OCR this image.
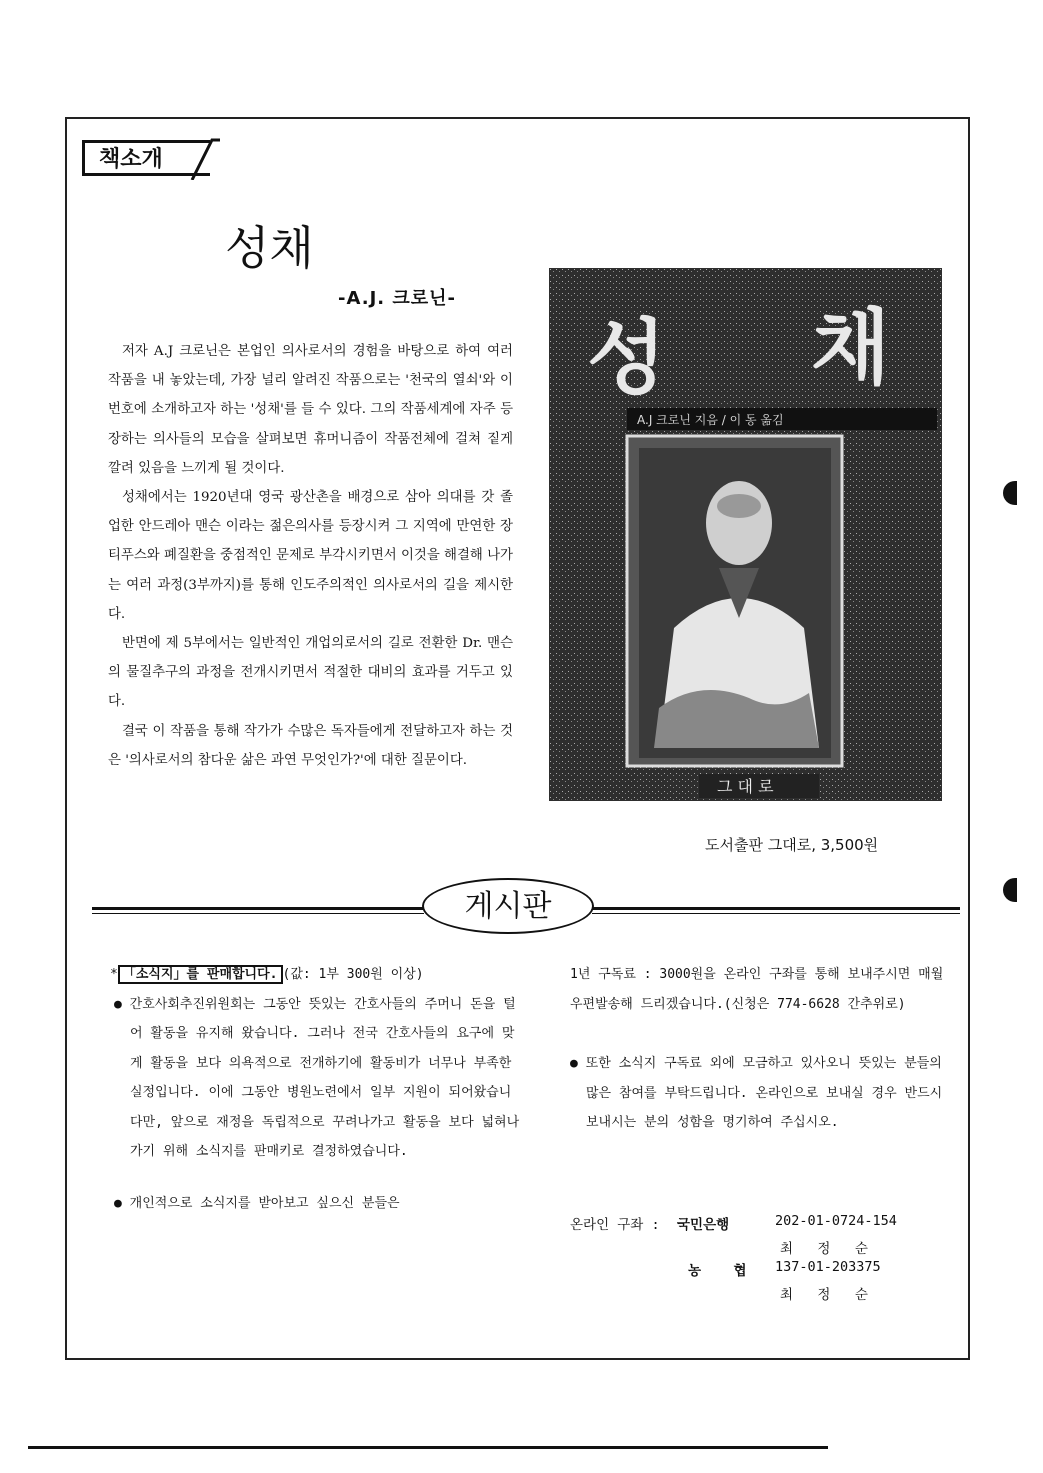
책소개
성채
-A.J. 크로닌-

저자 A.J 크로닌은 본업인 의사로서의 경험을 바탕으로 하여 여러 작품을 내 놓았는데, 가장 널리 알려진 작품으로는 '천국의 열쇠'와 이번호에 소개하고자 하는 '성채'를 들 수 있다. 그의 작품세계에 자주 등장하는 의사들의 모습을 살펴보면 휴머니즘이 작품전체에 걸쳐 짙게 깔려 있음을 느끼게 될 것이다.

성채에서는 1920년대 영국 광산촌을 배경으로 삼아 의대를 갓 졸업한 안드레아 맨슨 이라는 젊은의사를 등장시켜 그 지역에 만연한 장티푸스와 폐질환을 중점적인 문제로 부각시키면서 이것을 해결해 나가는 여러 과정(3부까지)를 통해 인도주의적인 의사로서의 길을 제시한다.

반면에 제 5부에서는 일반적인 개업의로서의 길로 전환한 Dr. 맨슨의 물질추구의 과정을 전개시키면서 적절한 대비의 효과를 거두고 있다.

결국 이 작품을 통해 작가가 수많은 독자들에게 전달하고자 하는 것은 '의사로서의 참다운 삶은 과연 무엇인가?'에 대한 질문이다.

성 채
A.J 크로닌 지음 / 이 동 옮김
그 대 로
도서출판 그대로, 3,500원
게시판

* 「소식지」를 판매합니다. (값: 1부 300원 이상)

● 간호사회추진위원회는 그동안 뜻있는 간호사들의 주머니 돈을 털어 활동을 유지해 왔습니다. 그러나 전국 간호사들의 요구에 맞게 활동을 보다 의욕적으로 전개하기에 활동비가 너무나 부족한 실정입니다. 이에 그동안 병원노련에서 일부 지원이 되어왔습니다만, 앞으로 재정을 독립적으로 꾸려나가고 활동을 보다 넓혀나가기 위해 소식지를 판매키로 결정하였습니다.

● 개인적으로 소식지를 받아보고 싶으신 분들은

1년 구독료 : 3000원을 온라인 구좌를 통해 보내주시면 매월 우편발송해 드리겠습니다.(신청은 774-6628 간추위로)

● 또한 소식지 구독료 외에 모금하고 있사오니 뜻있는 분들의 많은 참여를 부탁드립니다. 온라인으로 보내실 경우 반드시 보내시는 분의 성함을 명기하여 주십시오.

온라인 구좌 : 국민은행	202-01-0724-154
최   정   순
농    협 137-01-203375
최   정   순
